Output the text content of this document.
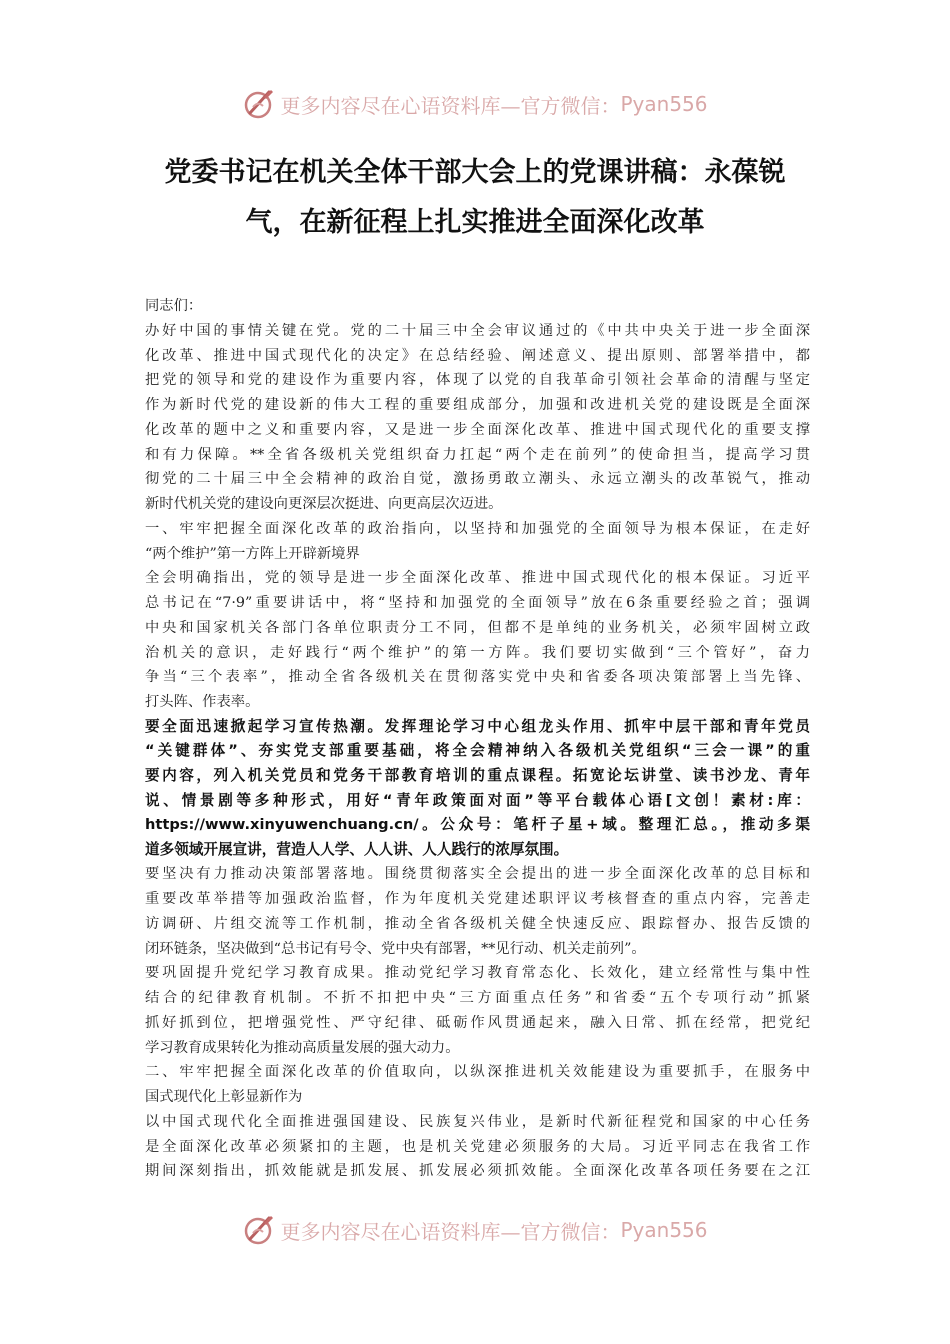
更多内容尽在心语资料库— 官方微信： Pyan556
党委书记在机关全体干部大会上的党课讲稿：永葆锐
气，在新征程上扎实推进全面深化改革
同志们：
办好中国的事情关键在党。党的二十届三中全会审议通过的《中共中央关于进一步全面深
化改革、推进中国式现代化的决定》在总结经验、阐述意义、提出原则、部署举措中，都
把党的领导和党的建设作为重要内容，体现了以党的自我革命引领社会革命的清醒与坚定
作为新时代党的建设新的伟大工程的重要组成部分，加强和改进机关党的建设既是全面深
化改革的题中之义和重要内容，又是进一步全面深化改革、推进中国式现代化的重要支撑
和有力保障。**全省各级机关党组织奋力扛起“两个走在前列”的使命担当，提高学习贯
彻党的二十届三中全会精神的政治自觉，激扬勇敢立潮头、永远立潮头的改革锐气，推动
新时代机关党的建设向更深层次挺进、向更高层次迈进。
一、牢牢把握全面深化改革的政治指向，以坚持和加强党的全面领导为根本保证，在走好
“两个维护”第一方阵上开辟新境界
全会明确指出，党的领导是进一步全面深化改革、推进中国式现代化的根本保证。习近平
总书记在“7·9”重要讲话中，将“坚持和加强党的全面领导”放在6条重要经验之首；强调
中央和国家机关各部门各单位职责分工不同，但都不是单纯的业务机关，必须牢固树立政
治机关的意识，走好践行“两个维护”的第一方阵。我们要切实做到“三个管好”，奋力
争当“三个表率”，推动全省各级机关在贯彻落实党中央和省委各项决策部署上当先锋、
打头阵、作表率。
要全面迅速掀起学习宣传热潮。发挥理论学习中心组龙头作用、抓牢中层干部和青年党员
“关键群体”、夯实党支部重要基础，将全会精神纳入各级机关党组织“三会一课”的重
要内容，列入机关党员和党务干部教育培训的重点课程。拓宽论坛讲堂、读书沙龙、青年
说、情景剧等多种形式，用好“青年政策面对面”等平台载体心语[文创！素材:库：
https://www.xinyuwenchuang.cn/。公众号：笔杆子星+域。整理汇总。，推动多渠
道多领域开展宣讲，营造人人学、人人讲、人人践行的浓厚氛围。
要坚决有力推动决策部署落地。围绕贯彻落实全会提出的进一步全面深化改革的总目标和
重要改革举措等加强政治监督，作为年度机关党建述职评议考核督查的重点内容，完善走
访调研、片组交流等工作机制，推动全省各级机关健全快速反应、跟踪督办、报告反馈的
闭环链条，坚决做到“总书记有号令、党中央有部署，**见行动、机关走前列”。
要巩固提升党纪学习教育成果。推动党纪学习教育常态化、长效化，建立经常性与集中性
结合的纪律教育机制。不折不扣把中央“三方面重点任务”和省委“五个专项行动”抓紧
抓好抓到位，把增强党性、严守纪律、砥砺作风贯通起来，融入日常、抓在经常，把党纪
学习教育成果转化为推动高质量发展的强大动力。
二、牢牢把握全面深化改革的价值取向，以纵深推进机关效能建设为重要抓手，在服务中
国式现代化上彰显新作为
以中国式现代化全面推进强国建设、民族复兴伟业，是新时代新征程党和国家的中心任务
是全面深化改革必须紧扣的主题，也是机关党建必须服务的大局。习近平同志在我省工作
期间深刻指出，抓效能就是抓发展、抓发展必须抓效能。全面深化改革各项任务要在之江
更多内容尽在心语资料库— 官方微信： Pyan556
